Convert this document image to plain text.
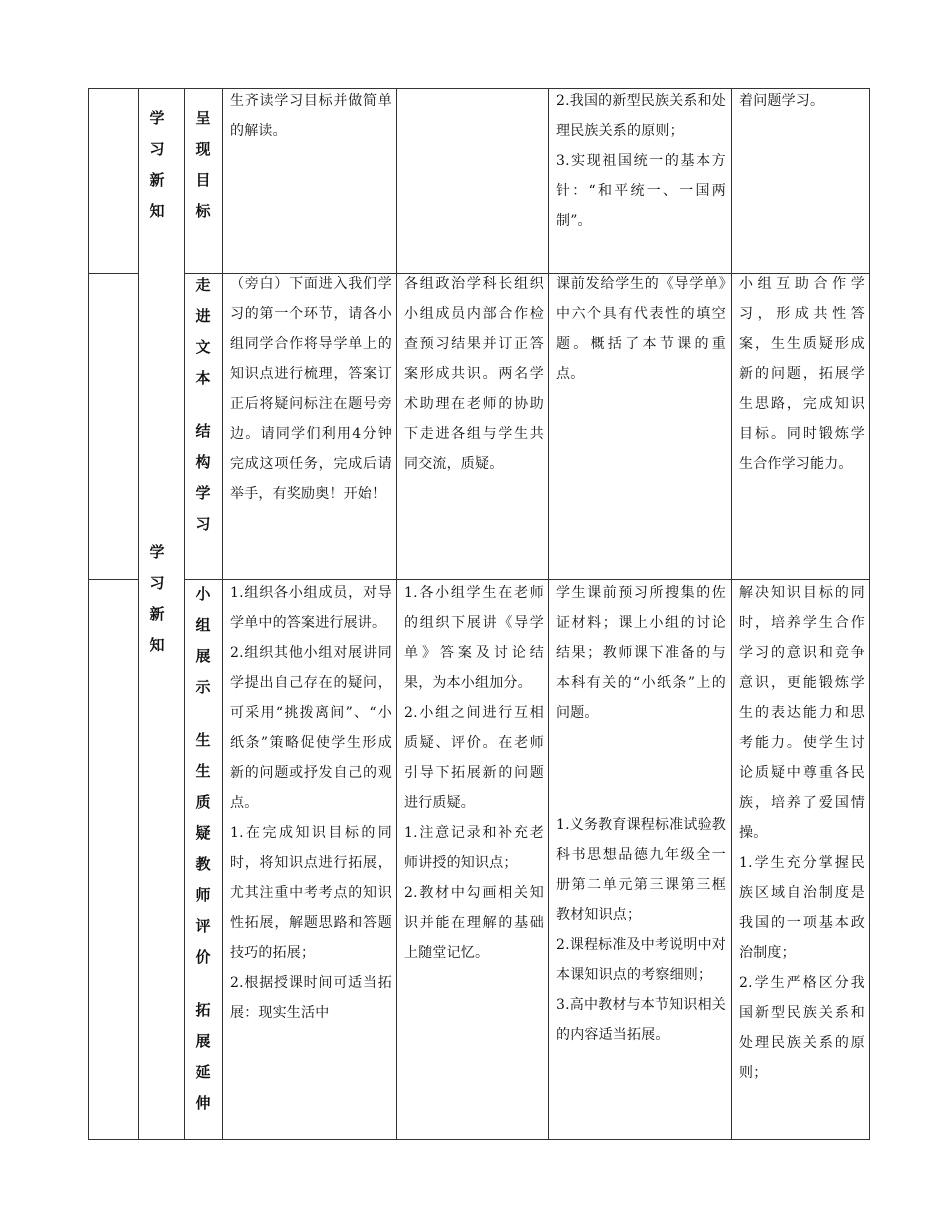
学
习
新
知
学
习
新
知
呈
现
目
标

生齐读学习目标并做简单的解读。

2.我国的新型民族关系和处理民族关系的原则；

3.实现祖国统一的基本方针：“和平统一、一国两制”。

着问题学习。

走
进
文
本
结
构
学
习

（旁白）下面进入我们学习的第一个环节，请各小组同学合作将导学单上的知识点进行梳理，答案订正后将疑问标注在题号旁边。请同学们利用4分钟完成这项任务，完成后请举手，有奖励奥！开始！

各组政治学科长组织小组成员内部合作检查预习结果并订正答案形成共识。两名学术助理在老师的协助下走进各组与学生共同交流，质疑。

课前发给学生的《导学单》中六个具有代表性的填空题。概括了本节课的重点。

小组互助合作学习，形成共性答案，生生质疑形成新的问题，拓展学生思路，完成知识目标。同时锻炼学生合作学习能力。

小
组
展
示
生
生
质
疑
教
师
评
价
拓
展
延
伸

1.组织各小组成员，对导学单中的答案进行展讲。

2.组织其他小组对展讲同学提出自己存在的疑问，可采用“挑拨离间”、“小纸条”策略促使学生形成新的问题或抒发自己的观点。

1.在完成知识目标的同时，将知识点进行拓展，尤其注重中考考点的知识性拓展，解题思路和答题技巧的拓展；

2.根据授课时间可适当拓展：现实生活中

1.各小组学生在老师的组织下展讲《导学单》答案及讨论结果，为本小组加分。

2.小组之间进行互相质疑、评价。在老师引导下拓展新的问题进行质疑。

1.注意记录和补充老师讲授的知识点；

2.教材中勾画相关知识并能在理解的基础上随堂记忆。

学生课前预习所搜集的佐证材料；课上小组的讨论结果；教师课下准备的与本科有关的“小纸条”上的问题。

1.义务教育课程标准试验教科书思想品德九年级全一册第二单元第三课第三框教材知识点；

2.课程标准及中考说明中对本课知识点的考察细则；

3.高中教材与本节知识相关的内容适当拓展。

解决知识目标的同时，培养学生合作学习的意识和竞争意识，更能锻炼学生的表达能力和思考能力。使学生讨论质疑中尊重各民族，培养了爱国情操。

1.学生充分掌握民族区域自治制度是我国的一项基本政治制度；

2.学生严格区分我国新型民族关系和处理民族关系的原则；
